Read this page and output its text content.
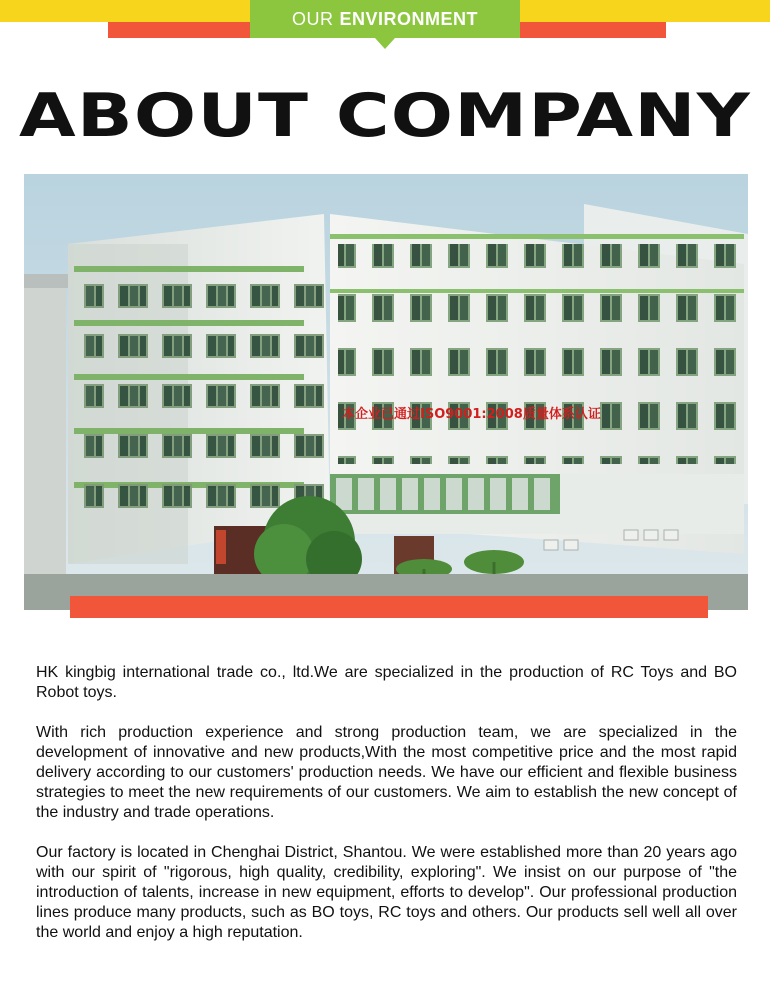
OUR ENVIRONMENT
ABOUT COMPANY
本企业已通过ISO9001:2008质量体系认证

HK kingbig international trade co., ltd.We are specialized in the production of RC Toys and BO Robot toys.

With rich production experience and strong production team, we are specialized in the development of innovative and new products,With the most competitive price and the most rapid delivery according to our customers' production needs. We have our efficient and flexible business strategies to meet the new requirements of our customers. We aim to establish the new concept of the industry and trade operations.

Our factory is located in Chenghai District, Shantou. We were established more than 20 years ago with our spirit of "rigorous, high quality, credibility, exploring". We insist on our purpose of "the introduction of talents, increase in new equipment, efforts to develop". Our professional production lines produce many products, such as BO toys, RC toys and others. Our products sell well all over the world and enjoy a high reputation.
